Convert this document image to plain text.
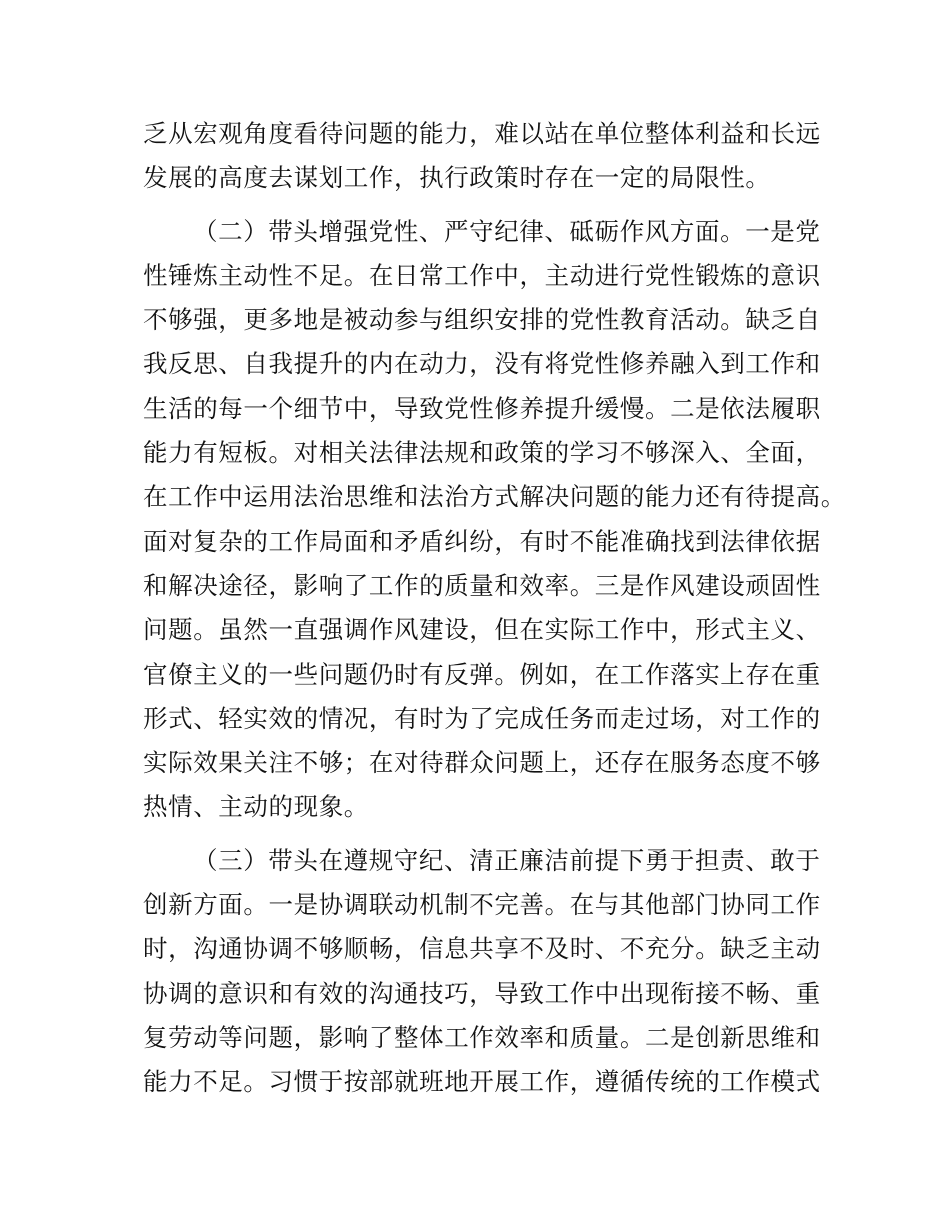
乏从宏观角度看待问题的能力，难以站在单位整体利益和长远
发展的高度去谋划工作，执行政策时存在一定的局限性。
（二）带头增强党性、严守纪律、砥砺作风方面。一是党
性锤炼主动性不足。在日常工作中，主动进行党性锻炼的意识
不够强，更多地是被动参与组织安排的党性教育活动。缺乏自
我反思、自我提升的内在动力，没有将党性修养融入到工作和
生活的每一个细节中，导致党性修养提升缓慢。二是依法履职
能力有短板。对相关法律法规和政策的学习不够深入、全面，
在工作中运用法治思维和法治方式解决问题的能力还有待提高。
面对复杂的工作局面和矛盾纠纷，有时不能准确找到法律依据
和解决途径，影响了工作的质量和效率。三是作风建设顽固性
问题。虽然一直强调作风建设，但在实际工作中，形式主义、
官僚主义的一些问题仍时有反弹。例如，在工作落实上存在重
形式、轻实效的情况，有时为了完成任务而走过场，对工作的
实际效果关注不够；在对待群众问题上，还存在服务态度不够
热情、主动的现象。
（三）带头在遵规守纪、清正廉洁前提下勇于担责、敢于
创新方面。一是协调联动机制不完善。在与其他部门协同工作
时，沟通协调不够顺畅，信息共享不及时、不充分。缺乏主动
协调的意识和有效的沟通技巧，导致工作中出现衔接不畅、重
复劳动等问题，影响了整体工作效率和质量。二是创新思维和
能力不足。习惯于按部就班地开展工作，遵循传统的工作模式
